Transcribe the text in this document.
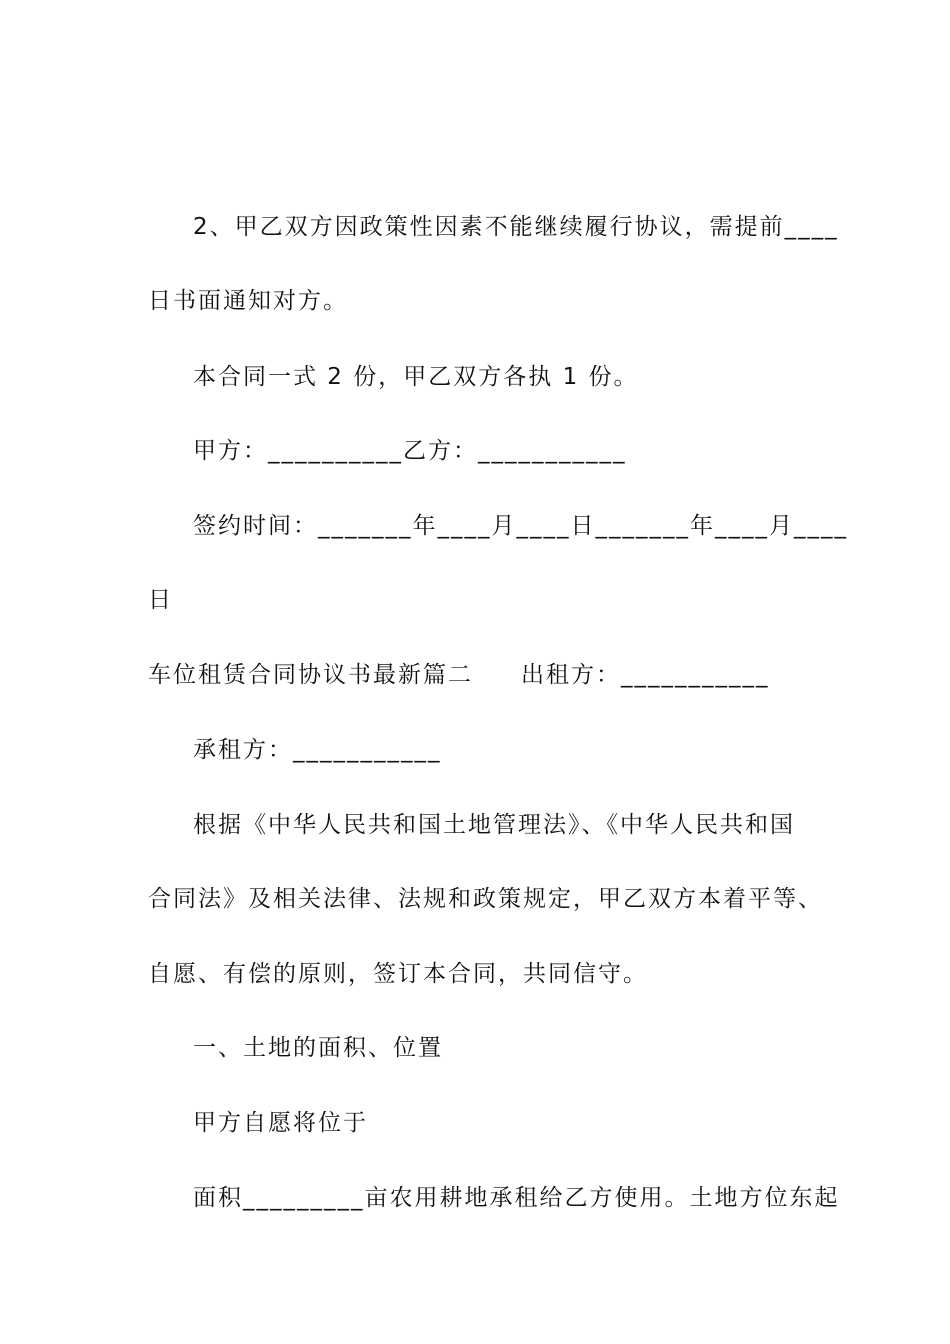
2、甲乙双方因政策性因素不能继续履行协议，需提前____
日书面通知对方。
本合同一式 2 份，甲乙双方各执 1 份。
甲方：__________乙方：___________
签约时间：_______年____月____日_______年____月____
日
车位租赁合同协议书最新篇二 出租方：___________
承租方：___________
根据《中华人民共和国土地管理法》、《中华人民共和国
合同法》及相关法律、法规和政策规定，甲乙双方本着平等、
自愿、有偿的原则，签订本合同，共同信守。
一、土地的面积、位置
甲方自愿将位于
面积_________亩农用耕地承租给乙方使用。土地方位东起
